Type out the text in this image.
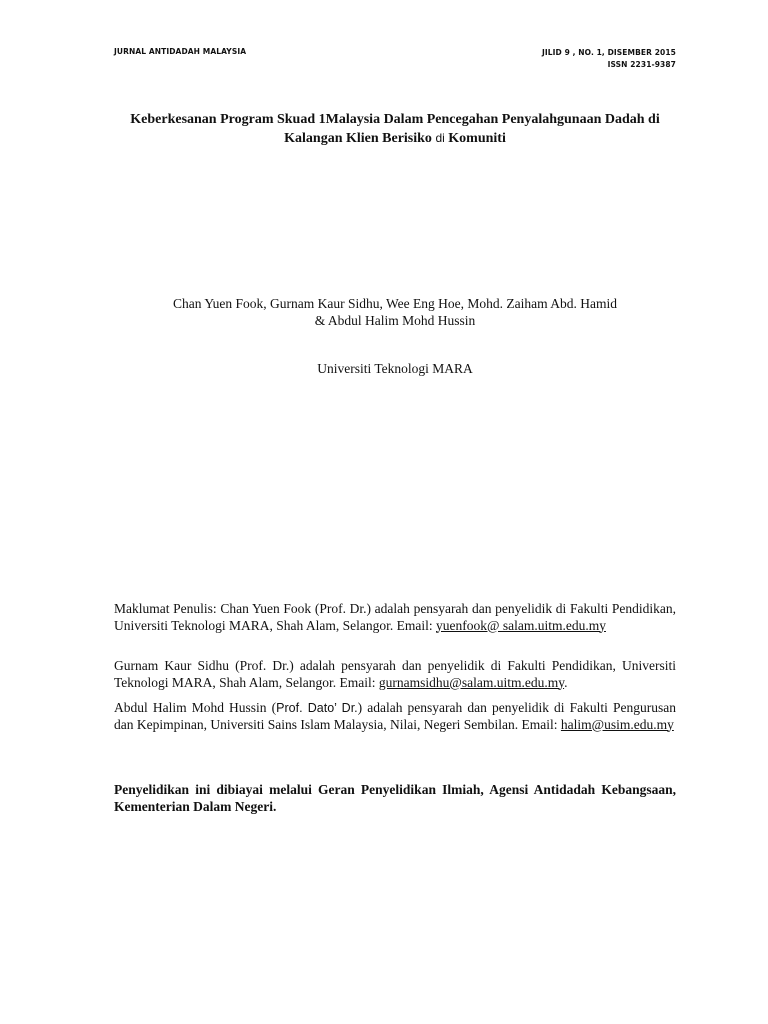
JURNAL ANTIDADAH MALAYSIA	JILID 9 , NO. 1, DISEMBER 2015
ISSN 2231-9387
Keberkesanan Program Skuad 1Malaysia Dalam Pencegahan Penyalahgunaan Dadah di
Kalangan Klien Berisiko di Komuniti
Chan Yuen Fook, Gurnam Kaur Sidhu, Wee Eng Hoe, Mohd. Zaiham Abd. Hamid
& Abdul Halim Mohd Hussin
Universiti Teknologi MARA

Maklumat Penulis: Chan Yuen Fook (Prof. Dr.) adalah pensyarah dan penyelidik di Fakulti Pendidikan, Universiti Teknologi MARA, Shah Alam, Selangor. Email: yuenfook@ salam.uitm.edu.my

Gurnam Kaur Sidhu (Prof. Dr.) adalah pensyarah dan penyelidik di Fakulti Pendidikan, Universiti Teknologi MARA, Shah Alam, Selangor. Email: gurnamsidhu@salam.uitm.edu.my.

Abdul Halim Mohd Hussin (Prof. Dato’ Dr.) adalah pensyarah dan penyelidik di Fakulti Pengurusan dan Kepimpinan, Universiti Sains Islam Malaysia, Nilai, Negeri Sembilan. Email: halim@usim.edu.my

Penyelidikan ini dibiayai melalui Geran Penyelidikan Ilmiah, Agensi Antidadah Kebangsaan, Kementerian Dalam Negeri.
